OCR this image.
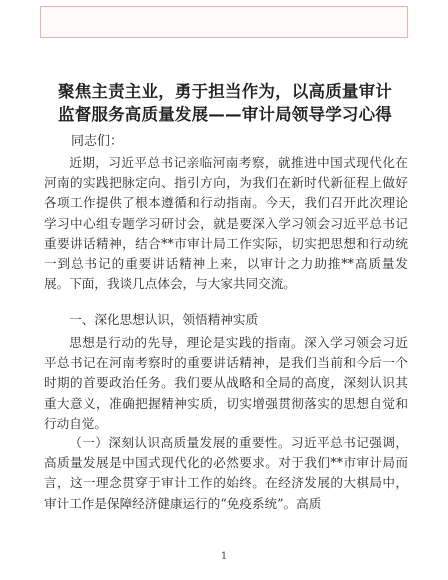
聚焦主责主业，勇于担当作为，以高质量审计
监督服务高质量发展——审计局领导学习心得
同志们：

近期，习近平总书记亲临河南考察，就推进中国式现代化在河南的实践把脉定向、指引方向，为我们在新时代新征程上做好各项工作提供了根本遵循和行动指南。今天，我们召开此次理论学习中心组专题学习研讨会，就是要深入学习领会习近平总书记重要讲话精神，结合**市审计局工作实际，切实把思想和行动统一到总书记的重要讲话精神上来，以审计之力助推**高质量发展。下面，我谈几点体会，与大家共同交流。

一、深化思想认识，领悟精神实质

思想是行动的先导，理论是实践的指南。深入学习领会习近平总书记在河南考察时的重要讲话精神，是我们当前和今后一个时期的首要政治任务。我们要从战略和全局的高度，深刻认识其重大意义，准确把握精神实质，切实增强贯彻落实的思想自觉和行动自觉。

（一）深刻认识高质量发展的重要性。习近平总书记强调，高质量发展是中国式现代化的必然要求。对于我们**市审计局而言，这一理念贯穿于审计工作的始终。在经济发展的大棋局中，审计工作是保障经济健康运行的“免疫系统”。高质

1
